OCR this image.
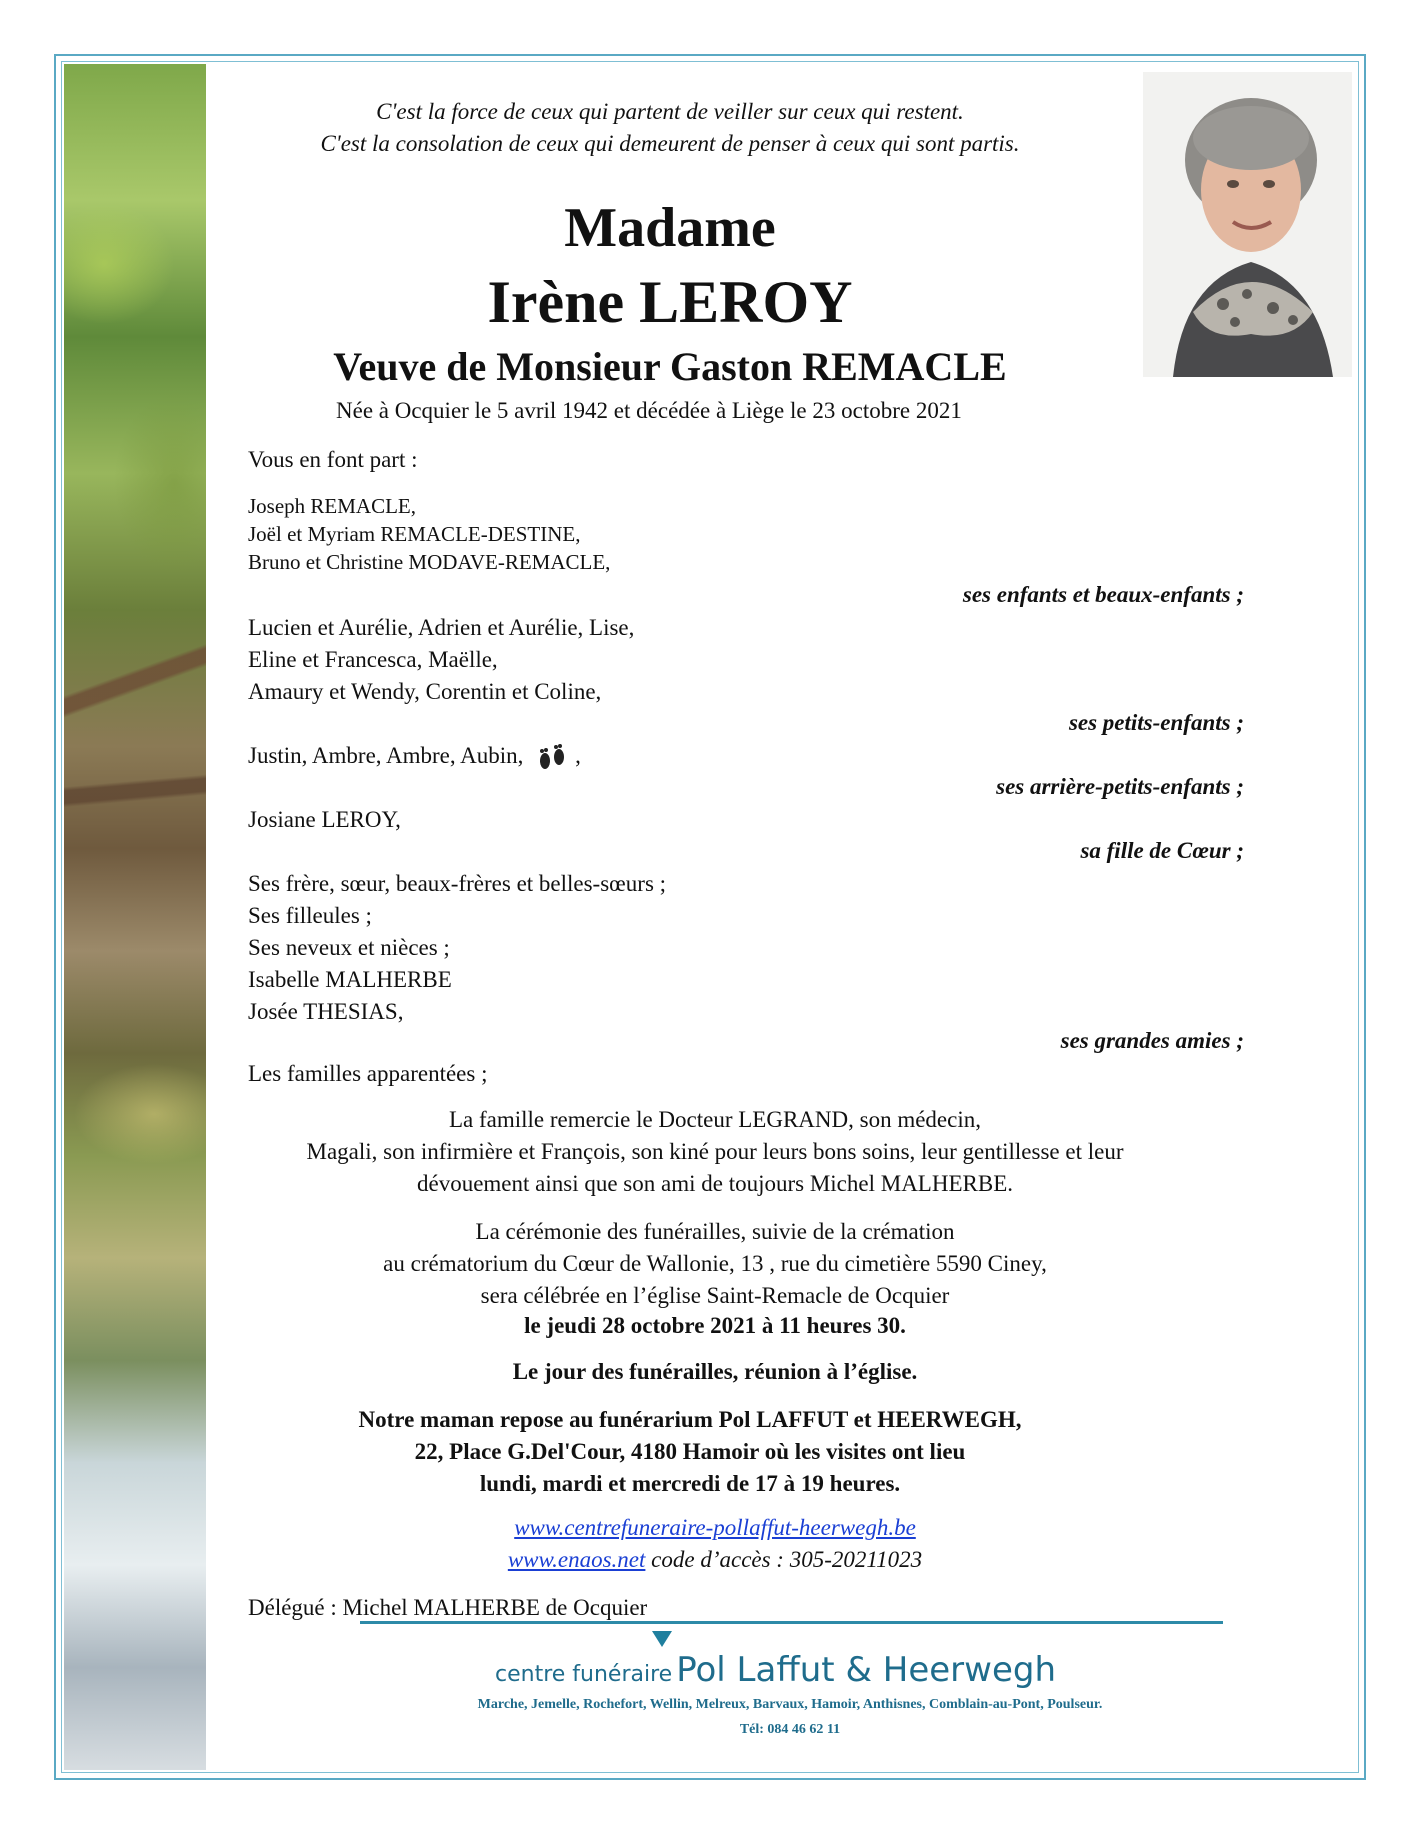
C'est la force de ceux qui partent de veiller sur ceux qui restent.

C'est la consolation de ceux qui demeurent de penser à ceux qui sont partis.

Madame

Irène LEROY

Veuve de Monsieur Gaston REMACLE

Née à Ocquier le 5 avril 1942 et décédée à Liège le 23 octobre 2021

Vous en font part :

Joseph REMACLE,

Joël et Myriam REMACLE-DESTINE,

Bruno et Christine MODAVE-REMACLE,

ses enfants et beaux-enfants ;

Lucien et Aurélie, Adrien et Aurélie, Lise,

Eline et Francesca, Maëlle,

Amaury et Wendy, Corentin et Coline,

ses petits-enfants ;

Justin, Ambre, Ambre, Aubin, ,

ses arrière-petits-enfants ;

Josiane LEROY,

sa fille de Cœur ;

Ses frère, sœur, beaux-frères et belles-sœurs ;

Ses filleules ;

Ses neveux et nièces ;

Isabelle MALHERBE

Josée THESIAS,

ses grandes amies ;

Les familles apparentées ;

La famille remercie le Docteur LEGRAND, son médecin,

Magali, son infirmière et François, son kiné pour leurs bons soins, leur gentillesse et leur

dévouement ainsi que son ami de toujours Michel MALHERBE.

La cérémonie des funérailles, suivie de la crémation

au crématorium du Cœur de Wallonie, 13 , rue du cimetière 5590 Ciney,

sera célébrée en l’église Saint-Remacle de Ocquier

le jeudi 28 octobre 2021 à 11 heures 30.

Le jour des funérailles, réunion à l’église.

Notre maman repose au funérarium Pol LAFFUT et HEERWEGH,

22, Place G.Del'Cour, 4180 Hamoir où les visites ont lieu

lundi, mardi et mercredi de 17 à 19 heures.

www.centrefuneraire-pollaffut-heerwegh.be

www.enaos.net code d’accès : 305-20211023

Délégué : Michel MALHERBE de Ocquier

centre funéraire Pol Laffut & Heerwegh

Marche, Jemelle, Rochefort, Wellin, Melreux, Barvaux, Hamoir, Anthisnes, Comblain-au-Pont, Poulseur.

Tél: 084 46 62 11
